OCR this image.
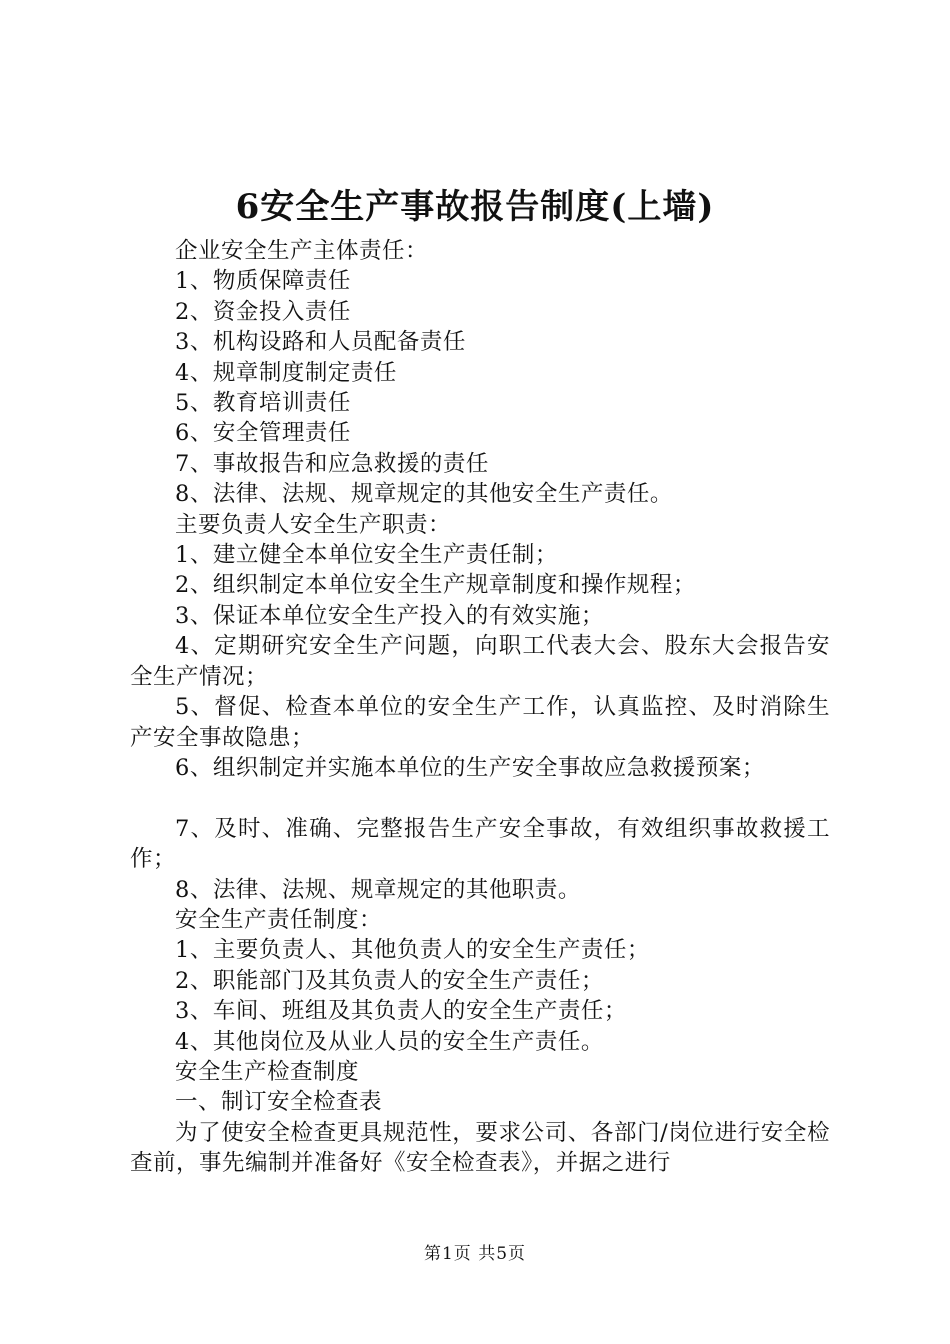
6安全生产事故报告制度(上墙)

企业安全生产主体责任：

1、物质保障责任

2、资金投入责任

3、机构设路和人员配备责任

4、规章制度制定责任

5、教育培训责任

6、安全管理责任

7、事故报告和应急救援的责任

8、法律、法规、规章规定的其他安全生产责任。

主要负责人安全生产职责：

1、建立健全本单位安全生产责任制；

2、组织制定本单位安全生产规章制度和操作规程；

3、保证本单位安全生产投入的有效实施；

4、定期研究安全生产问题，向职工代表大会、股东大会报告安全生产情况；

5、督促、检查本单位的安全生产工作，认真监控、及时消除生产安全事故隐患；

6、组织制定并实施本单位的生产安全事故应急救援预案；

7、及时、准确、完整报告生产安全事故，有效组织事故救援工作；

8、法律、法规、规章规定的其他职责。

安全生产责任制度：

1、主要负责人、其他负责人的安全生产责任；

2、职能部门及其负责人的安全生产责任；

3、车间、班组及其负责人的安全生产责任；

4、其他岗位及从业人员的安全生产责任。

安全生产检查制度

一、制订安全检查表

为了使安全检查更具规范性，要求公司、各部门/岗位进行安全检查前，事先编制并准备好《安全检查表》，并据之进行

第1页 共5页
